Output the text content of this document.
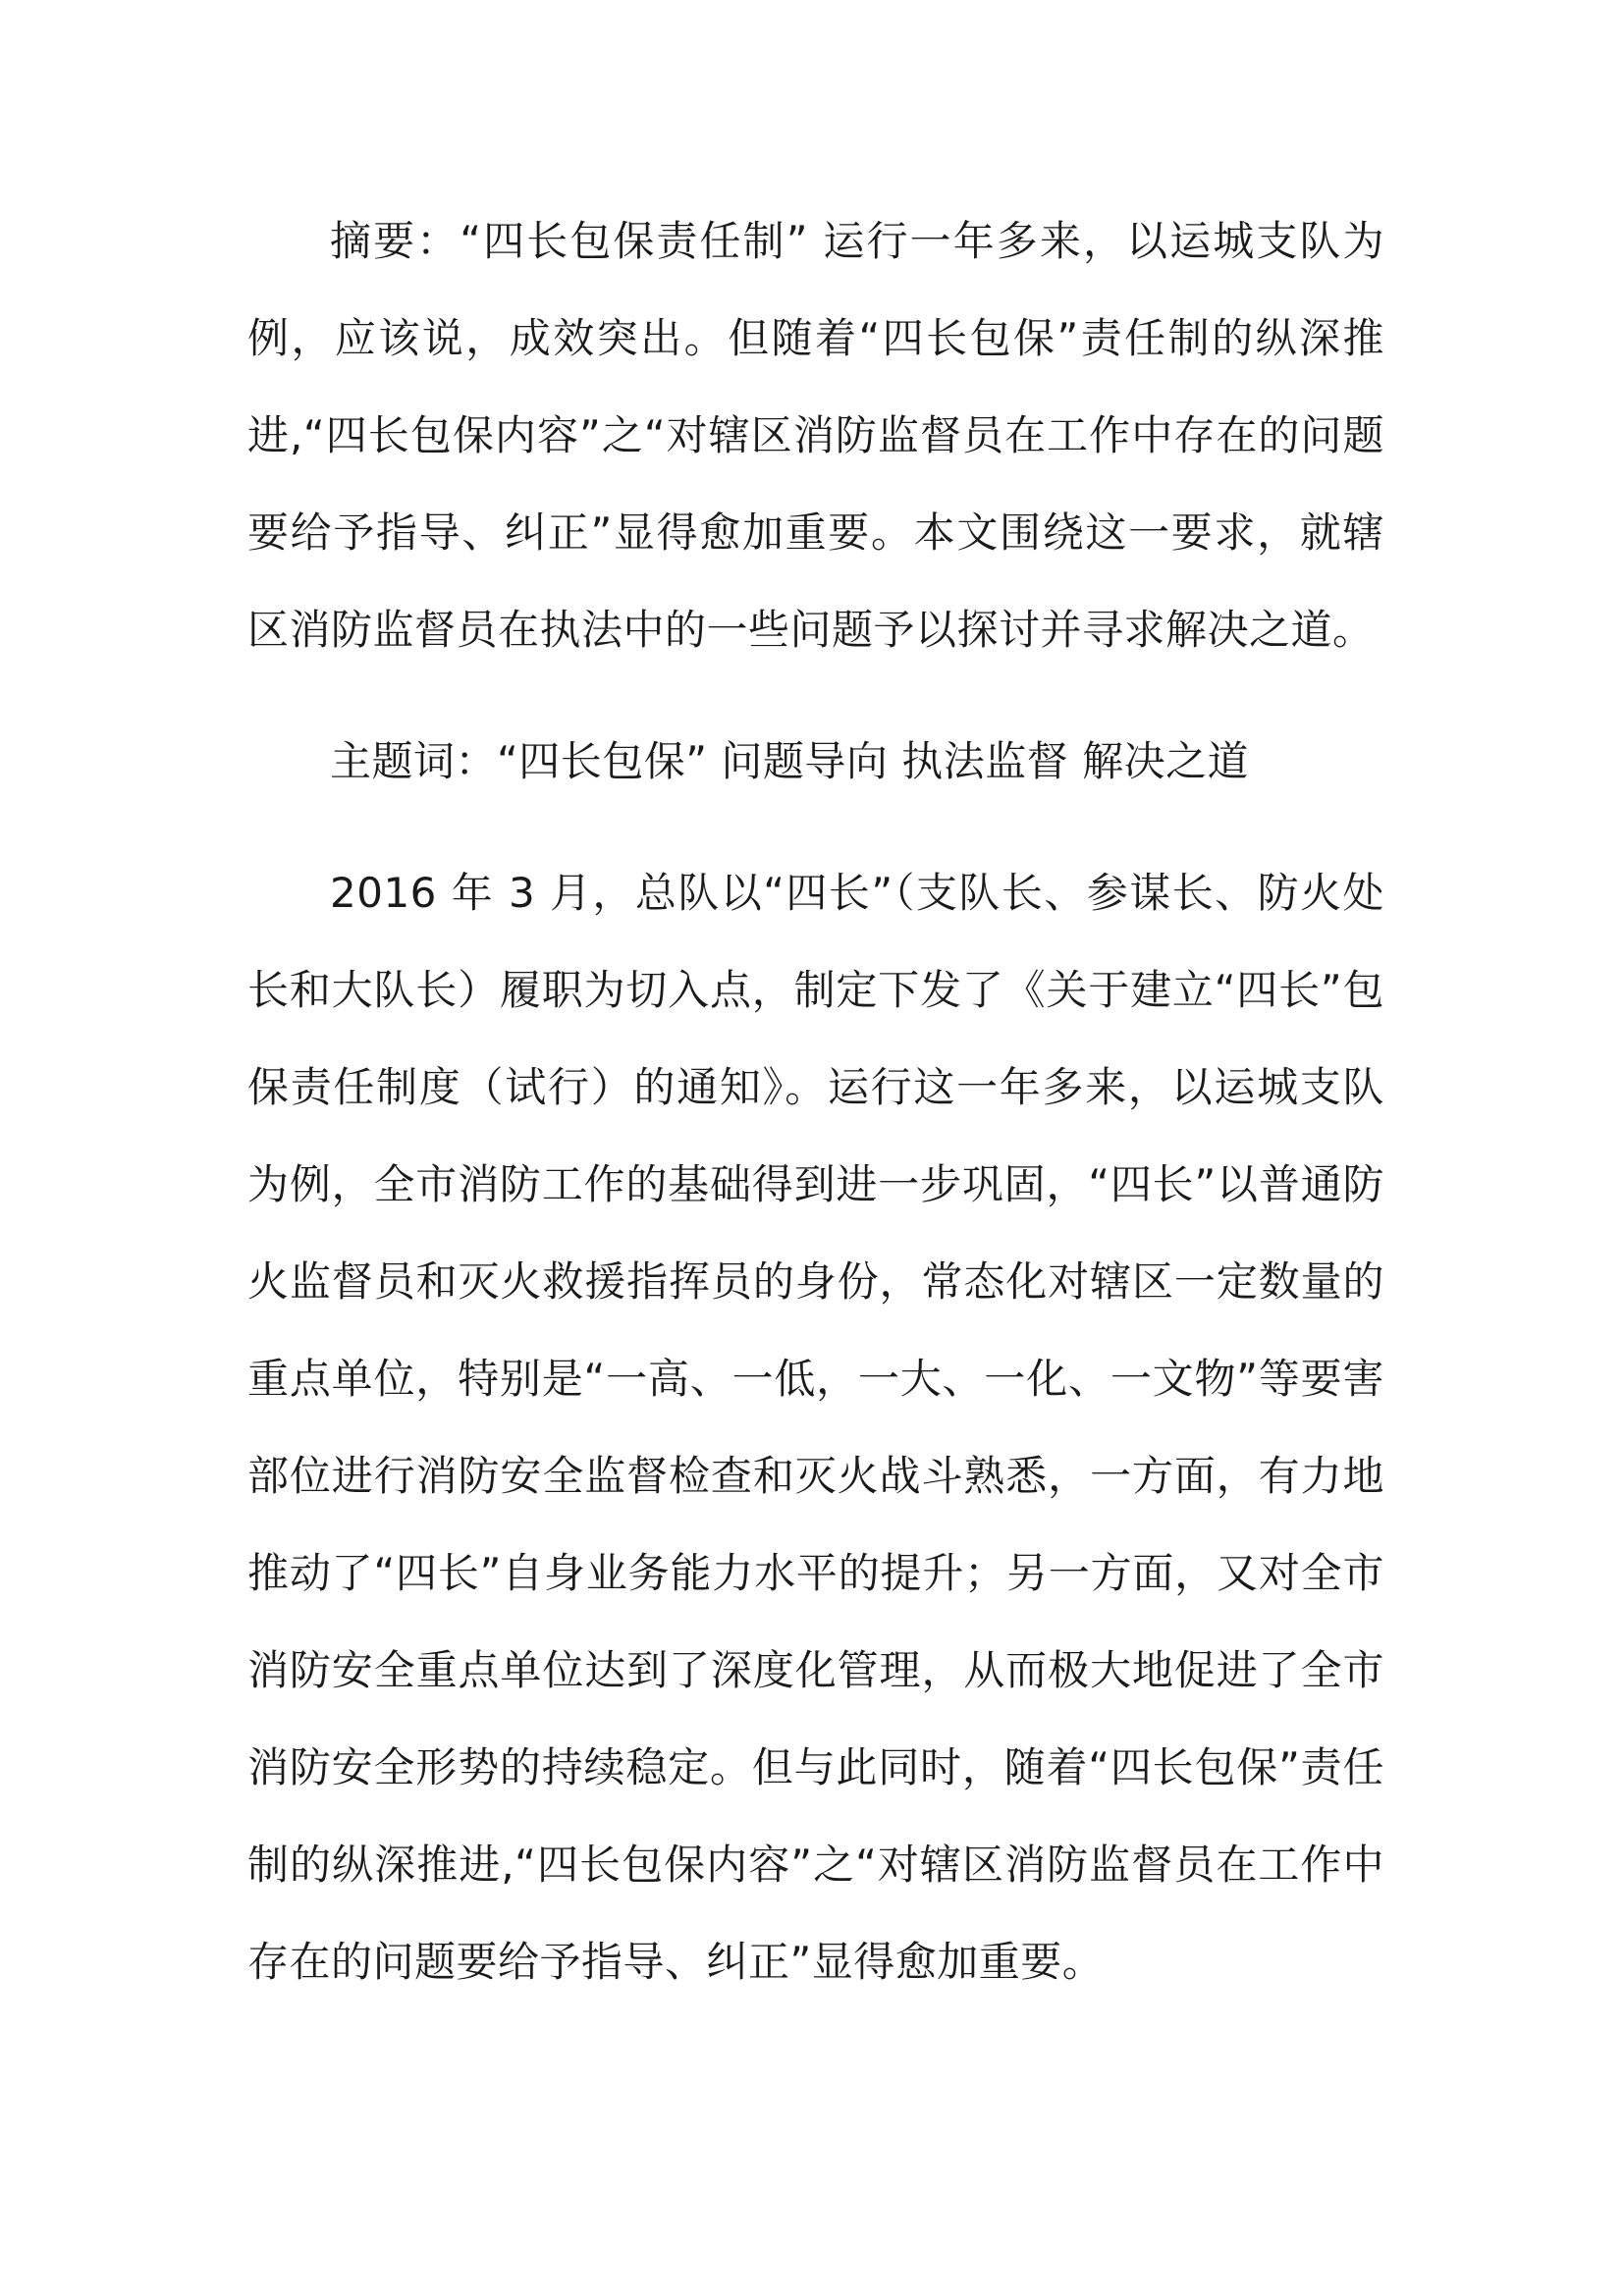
摘要：“四长包保责任制” 运行一年多来，以运城支队为例，应该说，成效突出。但随着“四长包保”责任制的纵深推进,“四长包保内容”之“对辖区消防监督员在工作中存在的问题要给予指导、纠正”显得愈加重要。本文围绕这一要求，就辖区消防监督员在执法中的一些问题予以探讨并寻求解决之道。

主题词：“四长包保” 问题导向 执法监督 解决之道

2016 年 3 月，总队以“四长”（支队长、参谋长、防火处长和大队长）履职为切入点，制定下发了《关于建立“四长”包保责任制度（试行）的通知》。运行这一年多来，以运城支队为例，全市消防工作的基础得到进一步巩固，“四长”以普通防火监督员和灭火救援指挥员的身份，常态化对辖区一定数量的重点单位，特别是“一高、一低，一大、一化、一文物”等要害部位进行消防安全监督检查和灭火战斗熟悉，一方面，有力地推动了“四长”自身业务能力水平的提升；另一方面，又对全市消防安全重点单位达到了深度化管理，从而极大地促进了全市消防安全形势的持续稳定。但与此同时，随着“四长包保”责任制的纵深推进,“四长包保内容”之“对辖区消防监督员在工作中存在的问题要给予指导、纠正”显得愈加重要。
